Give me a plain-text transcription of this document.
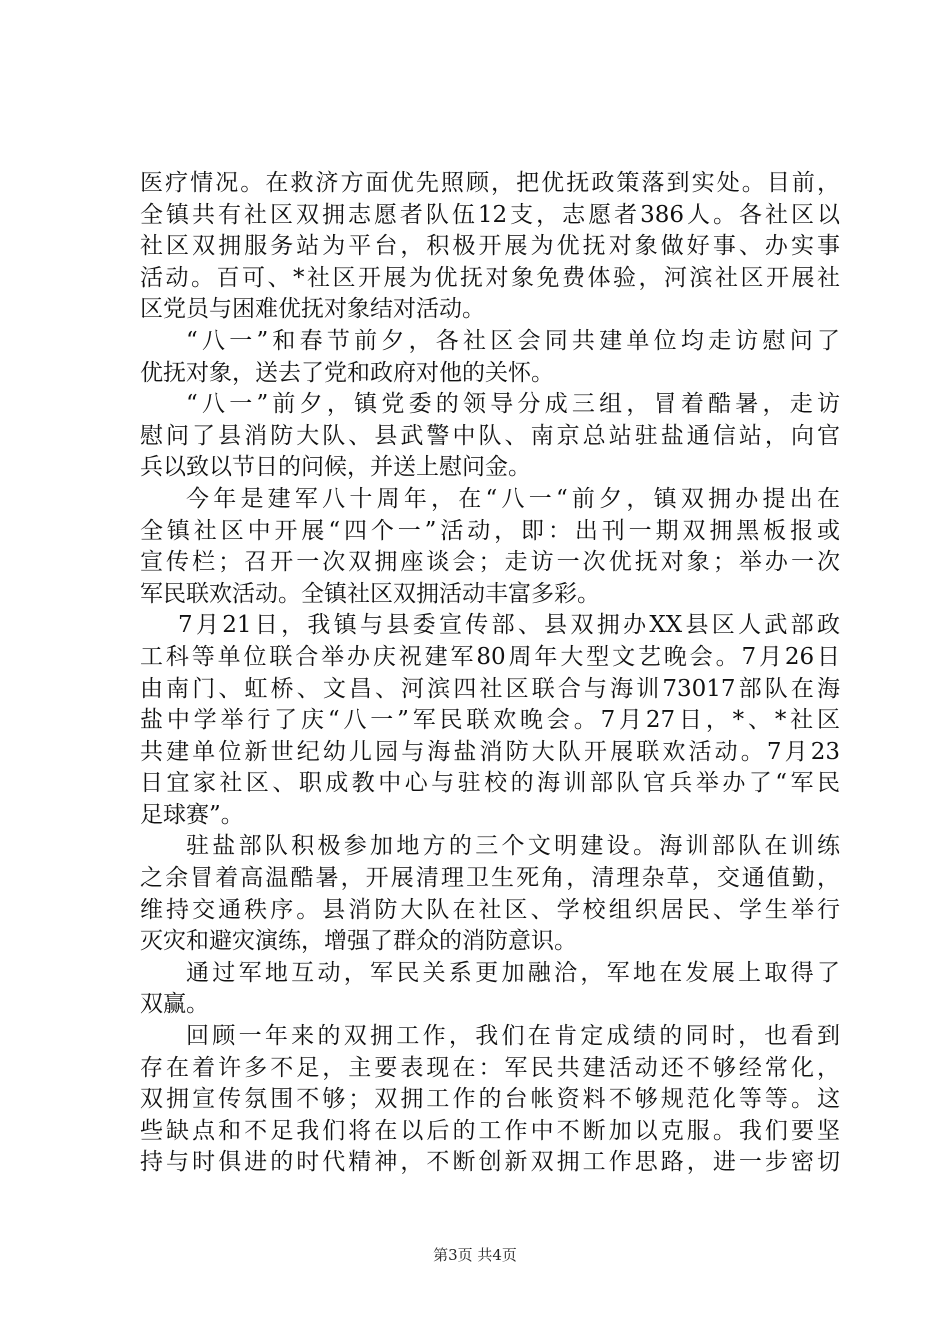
医疗情况。在救济方面优先照顾，把优抚政策落到实处。目前，
全镇共有社区双拥志愿者队伍12支，志愿者386人。各社区以
社区双拥服务站为平台，积极开展为优抚对象做好事、办实事
活动。百可、*社区开展为优抚对象免费体验，河滨社区开展社
区党员与困难优抚对象结对活动。
“八一”和春节前夕，各社区会同共建单位均走访慰问了
优抚对象，送去了党和政府对他的关怀。
“八一”前夕，镇党委的领导分成三组，冒着酷暑，走访
慰问了县消防大队、县武警中队、南京总站驻盐通信站，向官
兵以致以节日的问候，并送上慰问金。
今年是建军八十周年，在“八一“前夕，镇双拥办提出在
全镇社区中开展“四个一”活动，即：出刊一期双拥黑板报或
宣传栏；召开一次双拥座谈会；走访一次优抚对象；举办一次
军民联欢活动。全镇社区双拥活动丰富多彩。
7月21日，我镇与县委宣传部、县双拥办XX县区人武部政
工科等单位联合举办庆祝建军80周年大型文艺晚会。7月26日
由南门、虹桥、文昌、河滨四社区联合与海训73017部队在海
盐中学举行了庆“八一”军民联欢晚会。7月27日，*、*社区
共建单位新世纪幼儿园与海盐消防大队开展联欢活动。7月23
日宜家社区、职成教中心与驻校的海训部队官兵举办了“军民
足球赛”。
驻盐部队积极参加地方的三个文明建设。海训部队在训练
之余冒着高温酷暑，开展清理卫生死角，清理杂草，交通值勤，
维持交通秩序。县消防大队在社区、学校组织居民、学生举行
灭灾和避灾演练，增强了群众的消防意识。
通过军地互动，军民关系更加融洽，军地在发展上取得了
双赢。
回顾一年来的双拥工作，我们在肯定成绩的同时，也看到
存在着许多不足，主要表现在：军民共建活动还不够经常化，
双拥宣传氛围不够；双拥工作的台帐资料不够规范化等等。这
些缺点和不足我们将在以后的工作中不断加以克服。我们要坚
持与时俱进的时代精神，不断创新双拥工作思路，进一步密切
第3页 共4页
